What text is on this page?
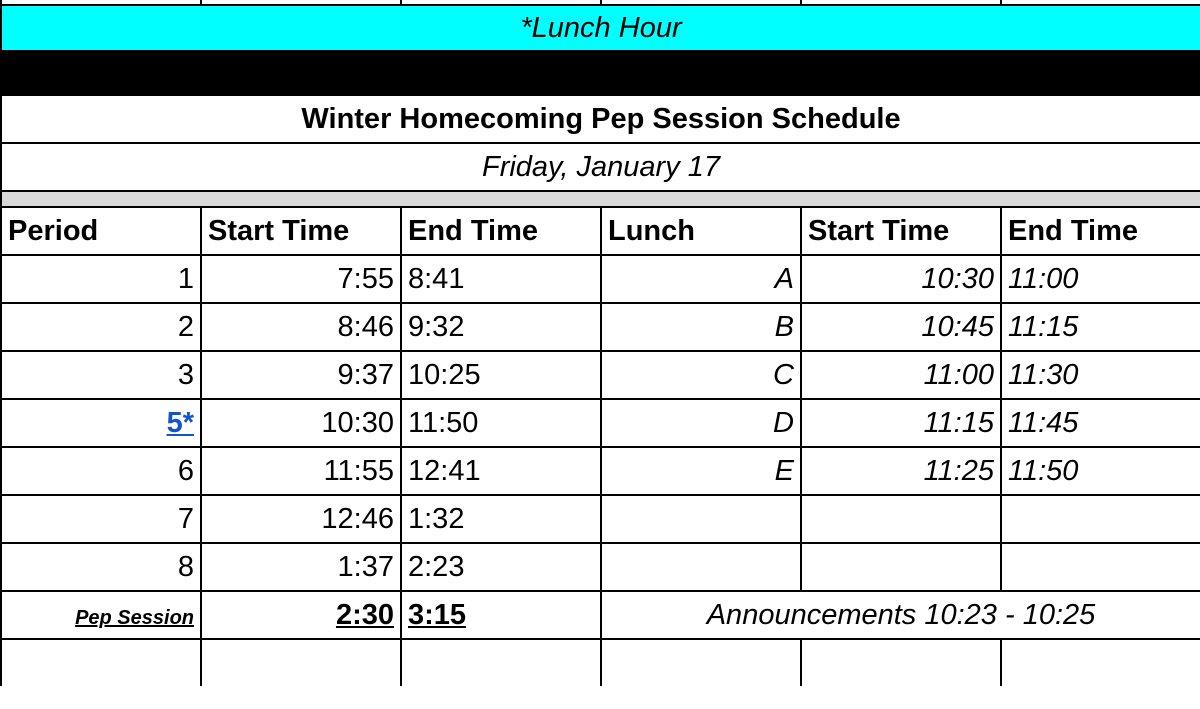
*Lunch Hour					

Winter Homecoming Pep Session Schedule					
Friday, January 17					

Period	Start Time	End Time	Lunch	Start Time	End Time
1	7:55	8:41	A	10:30	11:00
2	8:46	9:32	B	10:45	11:15
3	9:37	10:25	C	11:00	11:30
5*	10:30	11:50	D	11:15	11:45
6	11:55	12:41	E	11:25	11:50
7	12:46	1:32			
8	1:37	2:23			
Pep Session	2:30	3:15	Announcements 10:23 - 10:25		
